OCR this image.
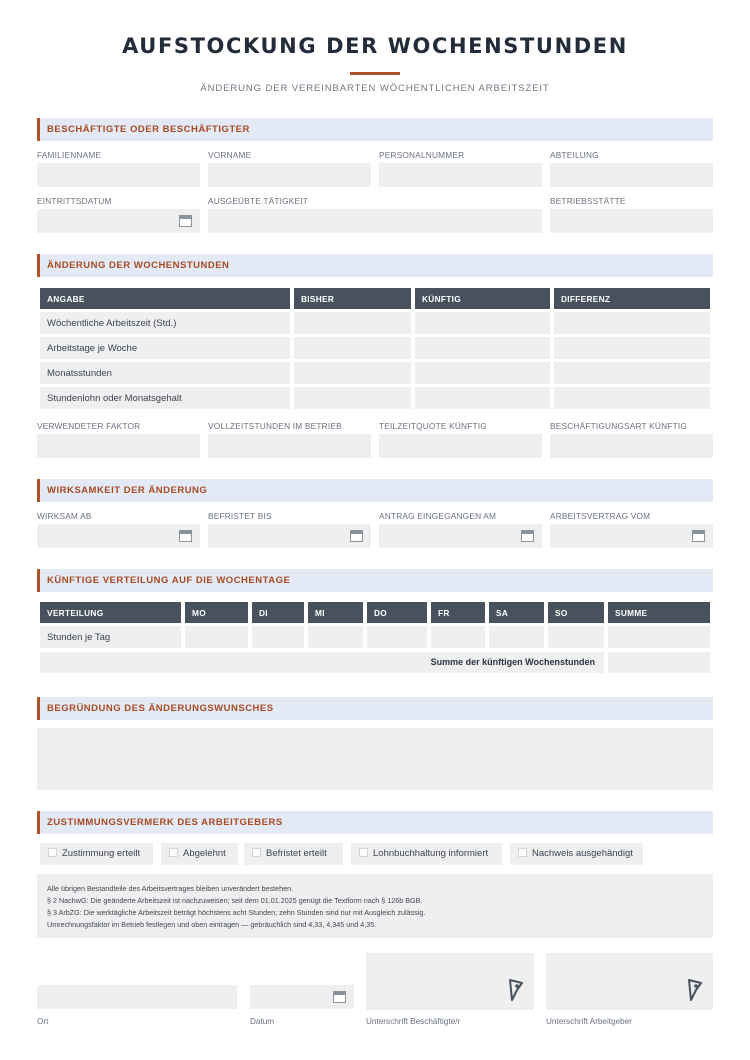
AUFSTOCKUNG DER WOCHENSTUNDEN
ÄNDERUNG DER VEREINBARTEN WÖCHENTLICHEN ARBEITSZEIT
BESCHÄFTIGTE ODER BESCHÄFTIGTER
FAMILIENNAME	VORNAME	PERSONALNUMMER	ABTEILUNG
EINTRITTSDATUM	AUSGEÜBTE TÄTIGKEIT	BETRIEBSSTÄTTE
ÄNDERUNG DER WOCHENSTUNDEN
ANGABE	BISHER	KÜNFTIG	DIFFERENZ
Wöchentliche Arbeitszeit (Std.)
Arbeitstage je Woche
Monatsstunden
Stundenlohn oder Monatsgehalt
VERWENDETER FAKTOR	VOLLZEITSTUNDEN IM BETRIEB	TEILZEITQUOTE KÜNFTIG	BESCHÄFTIGUNGSART KÜNFTIG
WIRKSAMKEIT DER ÄNDERUNG
WIRKSAM AB	BEFRISTET BIS	ANTRAG EINGEGANGEN AM	ARBEITSVERTRAG VOM
KÜNFTIGE VERTEILUNG AUF DIE WOCHENTAGE
VERTEILUNG	MO	DI	MI	DO	FR	SA	SO	SUMME
Stunden je Tag
Summe der künftigen Wochenstunden
BEGRÜNDUNG DES ÄNDERUNGSWUNSCHES
ZUSTIMMUNGSVERMERK DES ARBEITGEBERS
Zustimmung erteilt	Abgelehnt	Befristet erteilt	Lohnbuchhaltung informiert	Nachweis ausgehändigt
Alle übrigen Bestandteile des Arbeitsvertrages bleiben unverändert bestehen.
§ 2 NachwG: Die geänderte Arbeitszeit ist nachzuweisen; seit dem 01.01.2025 genügt die Textform nach § 126b BGB.
§ 3 ArbZG: Die werktägliche Arbeitszeit beträgt höchstens acht Stunden; zehn Stunden sind nur mit Ausgleich zulässig.
Umrechnungsfaktor im Betrieb festlegen und oben eintragen — gebräuchlich sind 4,33, 4,345 und 4,35.
Ort	Datum	Unterschrift Beschäftigte/r	Unterschrift Arbeitgeber
